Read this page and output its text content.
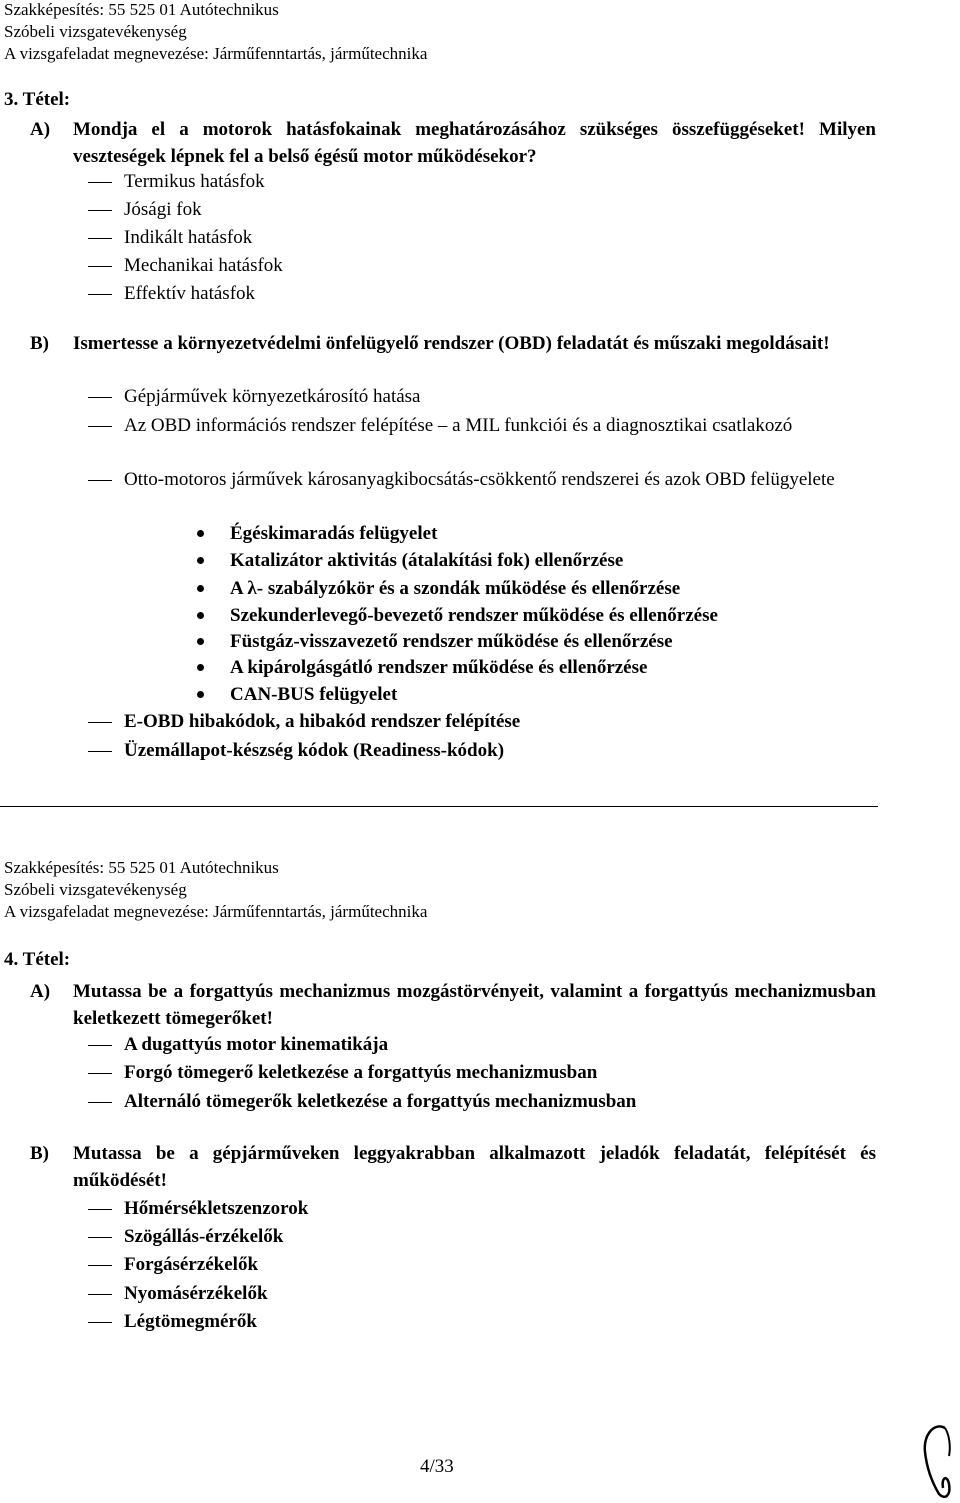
Szakképesítés: 55 525 01 Autótechnikus
Szóbeli vizsgatevékenység
A vizsgafeladat megnevezése: Járműfenntartás, járműtechnika
3. Tétel:
A) Mondja el a motorok hatásfokainak meghatározásához szükséges összefüggéseket! Milyen veszteségek lépnek fel a belső égésű motor működésekor?
Termikus hatásfok
Jósági fok
Indikált hatásfok
Mechanikai hatásfok
Effektív hatásfok
B) Ismertesse a környezetvédelmi önfelügyelő rendszer (OBD) feladatát és műszaki megoldásait!
Gépjárművek környezetkárosító hatása
Az OBD információs rendszer felépítése – a MIL funkciói és a diagnosztikai csatlakozó
Otto-motoros járművek károsanyagkibocsátás-csökkentő rendszerei és azok OBD felügyelete
Égéskimaradás felügyelet
Katalizátor aktivitás (átalakítási fok) ellenőrzése
A λ- szabályzókör és a szondák működése és ellenőrzése
Szekunderlevegő-bevezető rendszer működése és ellenőrzése
Füstgáz-visszavezető rendszer működése és ellenőrzése
A kipárolgásgátló rendszer működése és ellenőrzése
CAN-BUS felügyelet
E-OBD hibakódok, a hibakód rendszer felépítése
Üzemállapot-készség kódok (Readiness-kódok)
Szakképesítés: 55 525 01 Autótechnikus
Szóbeli vizsgatevékenység
A vizsgafeladat megnevezése: Járműfenntartás, járműtechnika
4. Tétel:
A) Mutassa be a forgattyús mechanizmus mozgástörvényeit, valamint a forgattyús mechanizmusban keletkezett tömegerőket!
A dugattyús motor kinematikája
Forgó tömegerő keletkezése a forgattyús mechanizmusban
Alternáló tömegerők keletkezése a forgattyús mechanizmusban
B) Mutassa be a gépjárműveken leggyakrabban alkalmazott jeladók feladatát, felépítését és működését!
Hőmérsékletszenzorok
Szögállás-érzékelők
Forgásérzékelők
Nyomásérzékelők
Légtömegmérők
4/33
